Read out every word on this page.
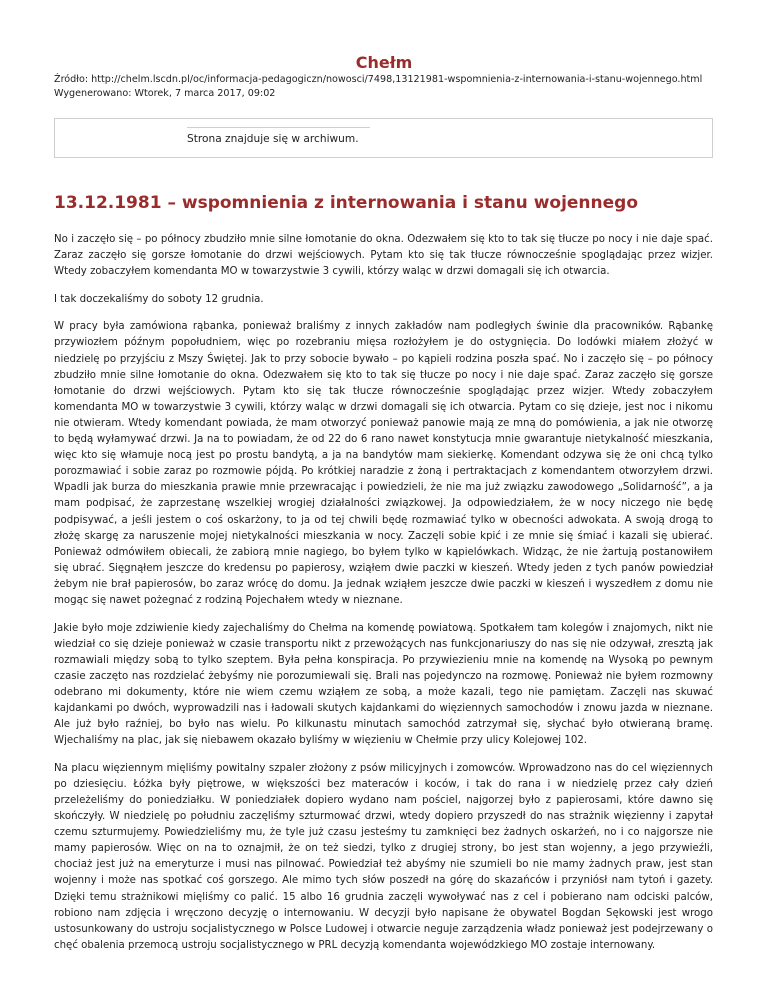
Chełm
Źródło: http://chelm.lscdn.pl/oc/informacja-pedagogiczn/nowosci/7498,13121981-wspomnienia-z-internowania-i-stanu-wojennego.html
Wygenerowano: Wtorek, 7 marca 2017, 09:02
Strona znajduje się w archiwum.
13.12.1981 – wspomnienia z internowania i stanu wojennego

No i zaczęło się – po północy zbudziło mnie silne łomotanie do okna. Odezwałem się kto to tak się tłucze po nocy i nie daje spać. Zaraz zaczęło się gorsze łomotanie do drzwi wejściowych. Pytam kto się tak tłucze równocześnie spoglądając przez wizjer. Wtedy zobaczyłem komendanta MO w towarzystwie 3 cywili, którzy waląc w drzwi domagali się ich otwarcia.

I tak doczekaliśmy do soboty 12 grudnia.

W pracy była zamówiona rąbanka, ponieważ braliśmy z innych zakładów nam podległych świnie dla pracowników. Rąbankę przywiozłem późnym popołudniem, więc po rozebraniu mięsa rozłożyłem je do ostygnięcia. Do lodówki miałem złożyć w niedzielę po przyjściu z Mszy Świętej. Jak to przy sobocie bywało – po kąpieli rodzina poszła spać. No i zaczęło się – po północy zbudziło mnie silne łomotanie do okna. Odezwałem się kto to tak się tłucze po nocy i nie daje spać. Zaraz zaczęło się gorsze łomotanie do drzwi wejściowych. Pytam kto się tak tłucze równocześnie spoglądając przez wizjer. Wtedy zobaczyłem komendanta MO w towarzystwie 3 cywili, którzy waląc w drzwi domagali się ich otwarcia. Pytam co się dzieje, jest noc i nikomu nie otwieram. Wtedy komendant powiada, że mam otworzyć ponieważ panowie mają ze mną do pomówienia, a jak nie otworzę to będą wyłamywać drzwi. Ja na to powiadam, że od 22 do 6 rano nawet konstytucja mnie gwarantuje nietykalność mieszkania, więc kto się włamuje nocą jest po prostu bandytą, a ja na bandytów mam siekierkę. Komendant odzywa się że oni chcą tylko porozmawiać i sobie zaraz po rozmowie pójdą. Po krótkiej naradzie z żoną i pertraktacjach z komendantem otworzyłem drzwi. Wpadli jak burza do mieszkania prawie mnie przewracając i powiedzieli, że nie ma już związku zawodowego „Solidarność”, a ja mam podpisać, że zaprzestanę wszelkiej wrogiej działalności związkowej. Ja odpowiedziałem, że w nocy niczego nie będę podpisywać, a jeśli jestem o coś oskarżony, to ja od tej chwili będę rozmawiać tylko w obecności adwokata. A swoją drogą to złożę skargę za naruszenie mojej nietykalności mieszkania w nocy. Zaczęli sobie kpić i ze mnie się śmiać i kazali się ubierać. Ponieważ odmówiłem obiecali, że zabiorą mnie nagiego, bo byłem tylko w kąpielówkach. Widząc, że nie żartują postanowiłem się ubrać. Sięgnąłem jeszcze do kredensu po papierosy, wziąłem dwie paczki w kieszeń. Wtedy jeden z tych panów powiedział żebym nie brał papierosów, bo zaraz wrócę do domu. Ja jednak wziąłem jeszcze dwie paczki w kieszeń i wyszedłem z domu nie mogąc się nawet pożegnać z rodziną Pojechałem wtedy w nieznane.

Jakie było moje zdziwienie kiedy zajechaliśmy do Chełma na komendę powiatową. Spotkałem tam kolegów i znajomych, nikt nie wiedział co się dzieje ponieważ w czasie transportu nikt z przewożących nas funkcjonariuszy do nas się nie odzywał, zresztą jak rozmawiali między sobą to tylko szeptem. Była pełna konspiracja. Po przywiezieniu mnie na komendę na Wysoką po pewnym czasie zaczęto nas rozdzielać żebyśmy nie porozumiewali się. Brali nas pojedynczo na rozmowę. Ponieważ nie byłem rozmowny odebrano mi dokumenty, które nie wiem czemu wziąłem ze sobą, a może kazali, tego nie pamiętam. Zaczęli nas skuwać kajdankami po dwóch, wyprowadzili nas i ładowali skutych kajdankami do więziennych samochodów i znowu jazda w nieznane. Ale już było raźniej, bo było nas wielu. Po kilkunastu minutach samochód zatrzymał się, słychać było otwieraną bramę. Wjechaliśmy na plac, jak się niebawem okazało byliśmy w więzieniu w Chełmie przy ulicy Kolejowej 102.

Na placu więziennym mięliśmy powitalny szpaler złożony z psów milicyjnych i zomowców. Wprowadzono nas do cel więziennych po dziesięciu. Łóżka były piętrowe, w większości bez materaców i koców, i tak do rana i w niedzielę przez cały dzień przeleżeliśmy do poniedziałku. W poniedziałek dopiero wydano nam pościel, najgorzej było z papierosami, które dawno się skończyły. W niedzielę po południu zaczęliśmy szturmować drzwi, wtedy dopiero przyszedł do nas strażnik więzienny i zapytał czemu szturmujemy. Powiedzieliśmy mu, że tyle już czasu jesteśmy tu zamknięci bez żadnych oskarżeń, no i co najgorsze nie mamy papierosów. Więc on na to oznajmił, że on też siedzi, tylko z drugiej strony, bo jest stan wojenny, a jego przywieźli, chociaż jest już na emeryturze i musi nas pilnować. Powiedział też abyśmy nie szumieli bo nie mamy żadnych praw, jest stan wojenny i może nas spotkać coś gorszego. Ale mimo tych słów poszedł na górę do skazańców i przyniósł nam tytoń i gazety. Dzięki temu strażnikowi mięliśmy co palić. 15 albo 16 grudnia zaczęli wywoływać nas z cel i pobierano nam odciski palców, robiono nam zdjęcia i wręczono decyzję o internowaniu. W decyzji było napisane że obywatel Bogdan Sękowski jest wrogo ustosunkowany do ustroju socjalistycznego w Polsce Ludowej i otwarcie neguje zarządzenia władz ponieważ jest podejrzewany o chęć obalenia przemocą ustroju socjalistycznego w PRL decyzją komendanta wojewódzkiego MO zostaje internowany.
